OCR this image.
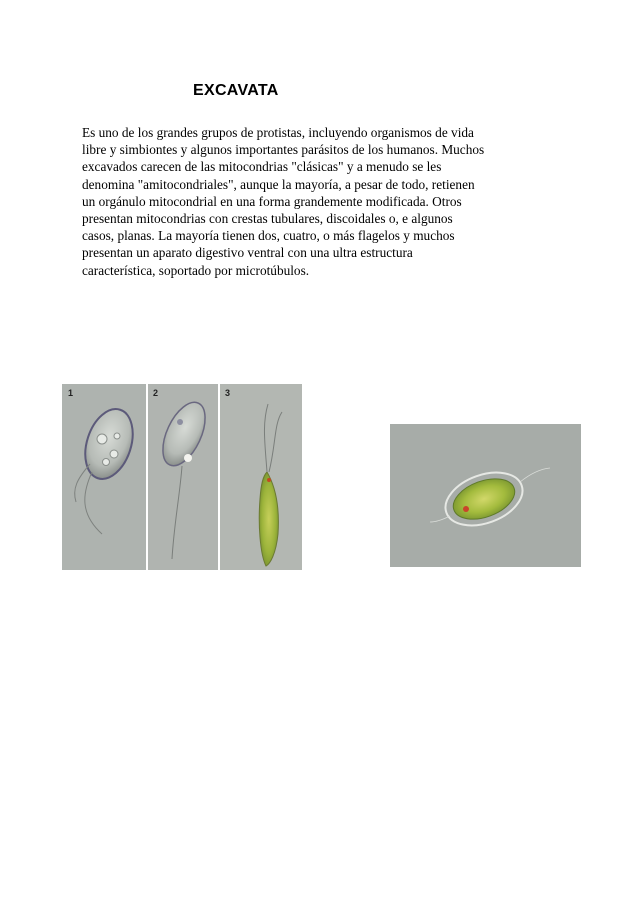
EXCAVATA
Es uno de los grandes grupos de protistas, incluyendo organismos de vida
libre y simbiontes y algunos importantes parásitos de los humanos. Muchos
excavados carecen de las mitocondrias "clásicas" y a menudo se les
denomina "amitocondriales", aunque la mayoría, a pesar de todo, retienen
un orgánulo mitocondrial en una forma grandemente modificada. Otros
presentan mitocondrias con crestas tubulares, discoidales o, e algunos
casos, planas. La mayoría tienen dos, cuatro, o más flagelos y muchos
presentan un aparato digestivo ventral con una ultra estructura
característica, soportado por microtúbulos.
1	2	3
